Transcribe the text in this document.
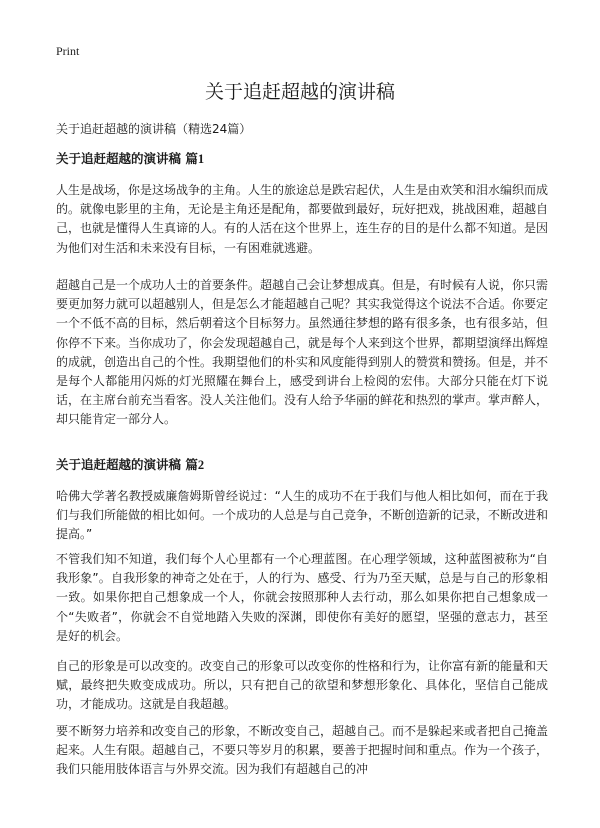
Print
关于追赶超越的演讲稿
关于追赶超越的演讲稿（精选24篇）
关于追赶超越的演讲稿 篇1

人生是战场，你是这场战争的主角。人生的旅途总是跌宕起伏，人生是由欢笑和泪水编织而成的。就像电影里的主角，无论是主角还是配角，都要做到最好，玩好把戏，挑战困难，超越自己，也就是懂得人生真谛的人。有的人活在这个世界上，连生存的目的是什么都不知道。是因为他们对生活和未来没有目标，一有困难就逃避。

超越自己是一个成功人士的首要条件。超越自己会让梦想成真。但是，有时候有人说，你只需要更加努力就可以超越别人，但是怎么才能超越自己呢？其实我觉得这个说法不合适。你要定一个不低不高的目标，然后朝着这个目标努力。虽然通往梦想的路有很多条，也有很多站，但你停不下来。当你成功了，你会发现超越自己，就是每个人来到这个世界，都期望演绎出辉煌的成就，创造出自己的个性。我期望他们的朴实和风度能得到别人的赞赏和赞扬。但是，并不是每个人都能用闪烁的灯光照耀在舞台上，感受到讲台上检阅的宏伟。大部分只能在灯下说话，在主席台前充当看客。没人关注他们。没有人给予华丽的鲜花和热烈的掌声。掌声醉人，却只能肯定一部分人。

关于追赶超越的演讲稿 篇2

哈佛大学著名教授威廉詹姆斯曾经说过：“人生的成功不在于我们与他人相比如何，而在于我们与我们所能做的相比如何。一个成功的人总是与自己竞争，不断创造新的记录，不断改进和提高。”

不管我们知不知道，我们每个人心里都有一个心理蓝图。在心理学领域，这种蓝图被称为“自我形象”。自我形象的神奇之处在于，人的行为、感受、行为乃至天赋，总是与自己的形象相一致。如果你把自己想象成一个人，你就会按照那种人去行动，那么如果你把自己想象成一个“失败者”，你就会不自觉地踏入失败的深渊，即使你有美好的愿望，坚强的意志力，甚至是好的机会。

自己的形象是可以改变的。改变自己的形象可以改变你的性格和行为，让你富有新的能量和天赋，最终把失败变成成功。所以，只有把自己的欲望和梦想形象化、具体化，坚信自己能成功，才能成功。这就是自我超越。

要不断努力培养和改变自己的形象，不断改变自己，超越自己。而不是躲起来或者把自己掩盖起来。人生有限。超越自己，不要只等岁月的积累，要善于把握时间和重点。作为一个孩子，我们只能用肢体语言与外界交流。因为我们有超越自己的冲
